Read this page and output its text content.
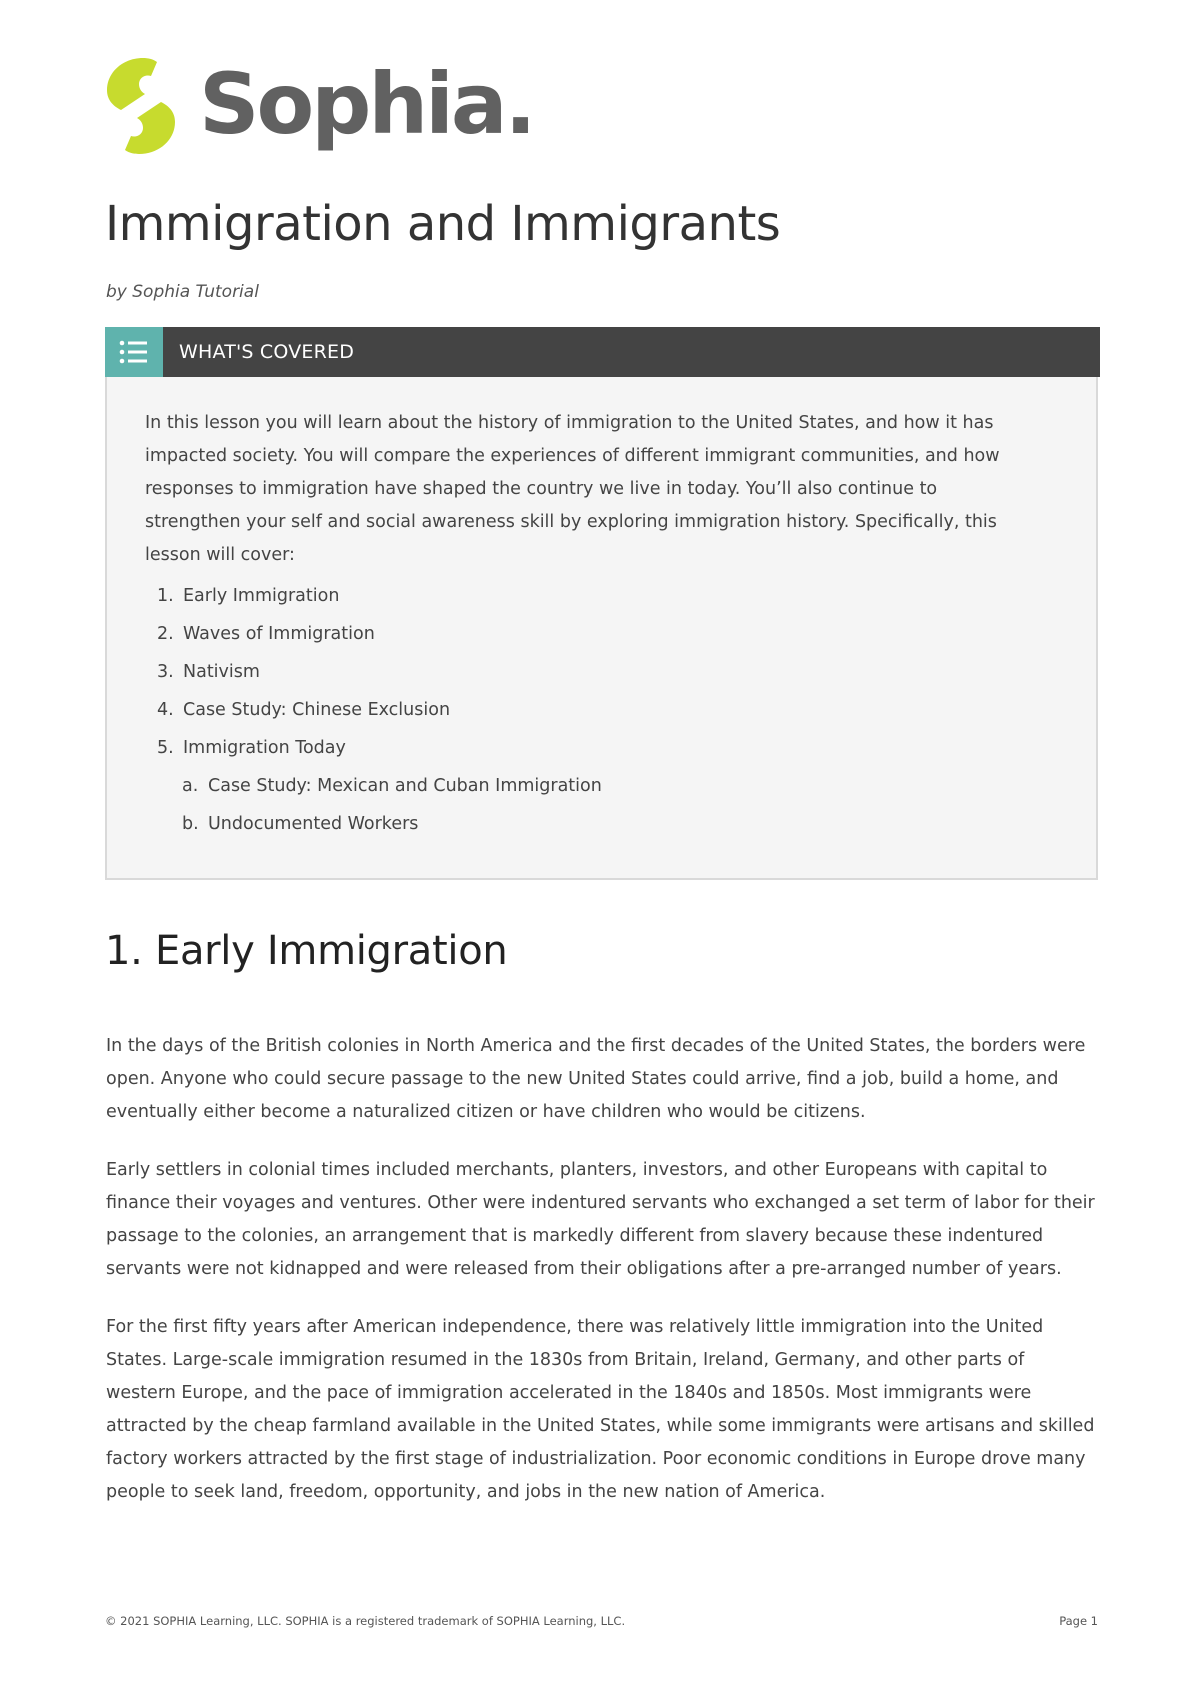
Sophia.
Immigration and Immigrants
by Sophia Tutorial
WHAT'S COVERED

In this lesson you will learn about the history of immigration to the United States, and how it has impacted society. You will compare the experiences of different immigrant communities, and how responses to immigration have shaped the country we live in today. You’ll also continue to strengthen your self and social awareness skill by exploring immigration history. Specifically, this lesson will cover:

1. Early Immigration
2. Waves of Immigration
3. Nativism
4. Case Study: Chinese Exclusion
5. Immigration Today
a. Case Study: Mexican and Cuban Immigration
b. Undocumented Workers
1. Early Immigration

In the days of the British colonies in North America and the first decades of the United States, the borders were open. Anyone who could secure passage to the new United States could arrive, find a job, build a home, and eventually either become a naturalized citizen or have children who would be citizens.

Early settlers in colonial times included merchants, planters, investors, and other Europeans with capital to finance their voyages and ventures. Other were indentured servants who exchanged a set term of labor for their passage to the colonies, an arrangement that is markedly different from slavery because these indentured servants were not kidnapped and were released from their obligations after a pre-arranged number of years.

For the first fifty years after American independence, there was relatively little immigration into the United States. Large-scale immigration resumed in the 1830s from Britain, Ireland, Germany, and other parts of western Europe, and the pace of immigration accelerated in the 1840s and 1850s. Most immigrants were attracted by the cheap farmland available in the United States, while some immigrants were artisans and skilled factory workers attracted by the first stage of industrialization. Poor economic conditions in Europe drove many people to seek land, freedom, opportunity, and jobs in the new nation of America.

© 2021 SOPHIA Learning, LLC. SOPHIA is a registered trademark of SOPHIA Learning, LLC.	Page 1
